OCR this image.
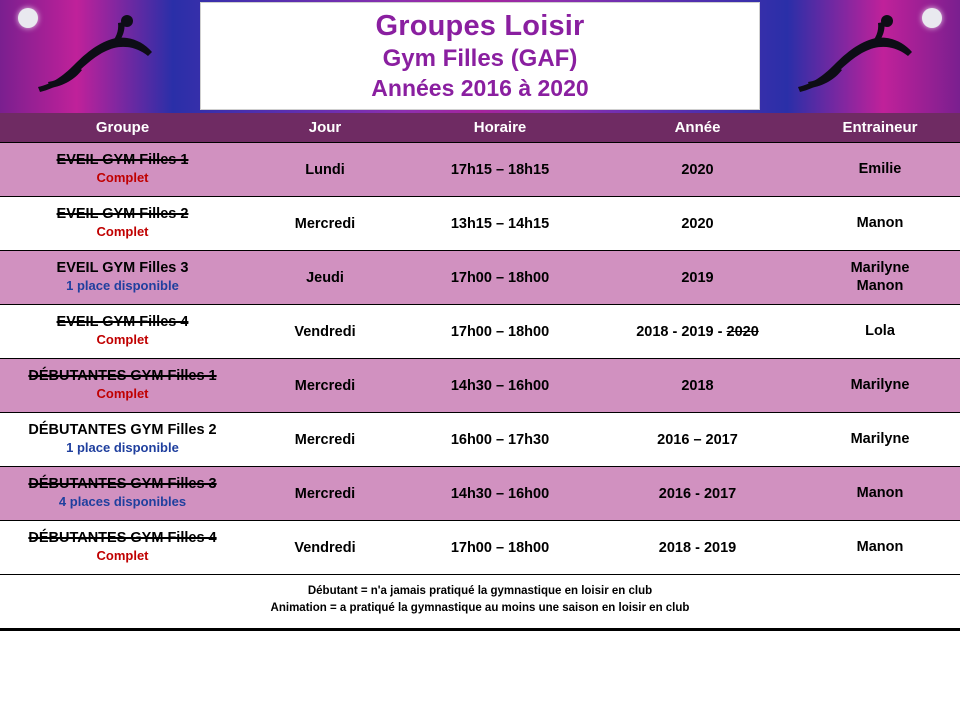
Groupes Loisir
Gym Filles (GAF)
Années 2016 à 2020
Groupe	Jour	Horaire	Année	Entraineur

EVEIL GYM Filles 1
Complet	Lundi	17h15 – 18h15	2020	Emilie

EVEIL GYM Filles 2
Complet	Mercredi	13h15 – 14h15	2020	Manon

EVEIL GYM Filles 3
1 place disponible	Jeudi	17h00 – 18h00	2019	Marilyne
Manon

EVEIL GYM Filles 4
Complet	Vendredi	17h00 – 18h00	2018 - 2019 - 2020	Lola

DÉBUTANTES GYM Filles 1
Complet	Mercredi	14h30 – 16h00	2018	Marilyne

DÉBUTANTES GYM Filles 2
1 place disponible	Mercredi	16h00 – 17h30	2016 – 2017	Marilyne

DÉBUTANTES GYM Filles 3
4 places disponibles	Mercredi	14h30 – 16h00	2016 - 2017	Manon

DÉBUTANTES GYM Filles 4
Complet	Vendredi	17h00 – 18h00	2018 - 2019	Manon
Débutant = n'a jamais pratiqué la gymnastique en loisir en club
Animation = a pratiqué la gymnastique au moins une saison en loisir en club
